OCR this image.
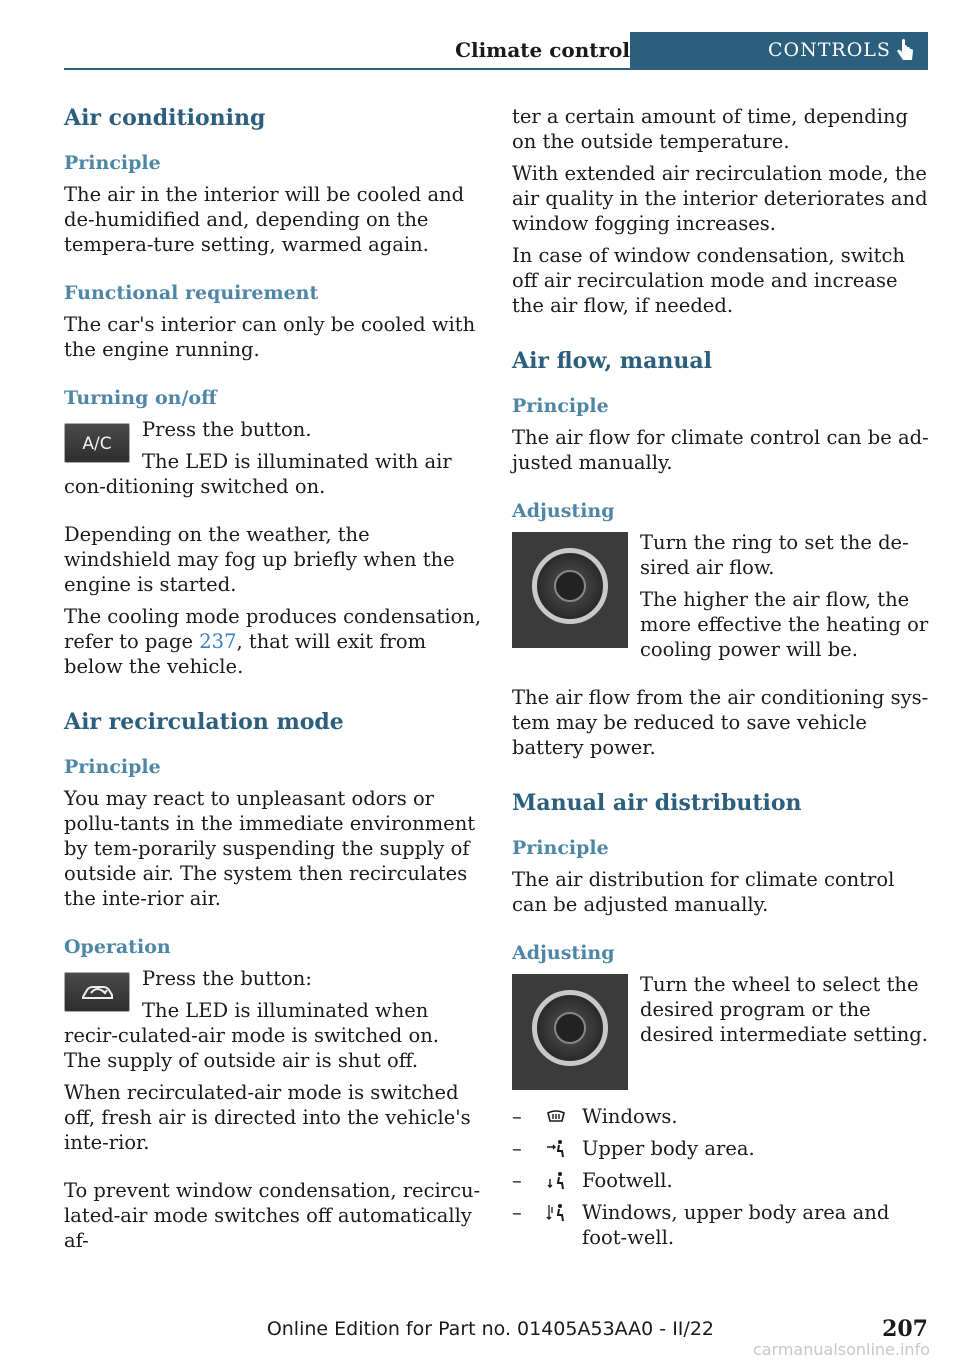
Climate control	CONTROLS
Air conditioning
Principle

The air in the interior will be cooled and de-humidified and, depending on the tempera-ture setting, warmed again.

Functional requirement

The car's interior can only be cooled with the engine running.

Turning on/off
A/C

Press the button.

The LED is illuminated with air con-ditioning switched on.

Depending on the weather, the windshield may fog up briefly when the engine is started.

The cooling mode produces condensation, refer to page 237, that will exit from below the vehicle.

Air recirculation mode
Principle

You may react to unpleasant odors or pollu-tants in the immediate environment by tem-porarily suspending the supply of outside air. The system then recirculates the inte-rior air.

Operation

Press the button:

The LED is illuminated when recir-culated-air mode is switched on. The supply of outside air is shut off.

When recirculated-air mode is switched off, fresh air is directed into the vehicle's inte-rior.

To prevent window condensation, recircu-lated-air mode switches off automatically af-

ter a certain amount of time, depending on the outside temperature.

With extended air recirculation mode, the air quality in the interior deteriorates and window fogging increases.

In case of window condensation, switch off air recirculation mode and increase the air flow, if needed.

Air flow, manual
Principle

The air flow for climate control can be ad-justed manually.

Adjusting

Turn the ring to set the de-sired air flow.

The higher the air flow, the more effective the heating or cooling power will be.

The air flow from the air conditioning sys-tem may be reduced to save vehicle battery power.

Manual air distribution
Principle

The air distribution for climate control can be adjusted manually.

Adjusting

Turn the wheel to select the desired program or the desired intermediate setting.

–	Windows.
–	Upper body area.
–	Footwell.
–	Windows, upper body area and foot-well.
Online Edition for Part no. 01405A53AA0 - II/22	207
carmanualsonline.info
